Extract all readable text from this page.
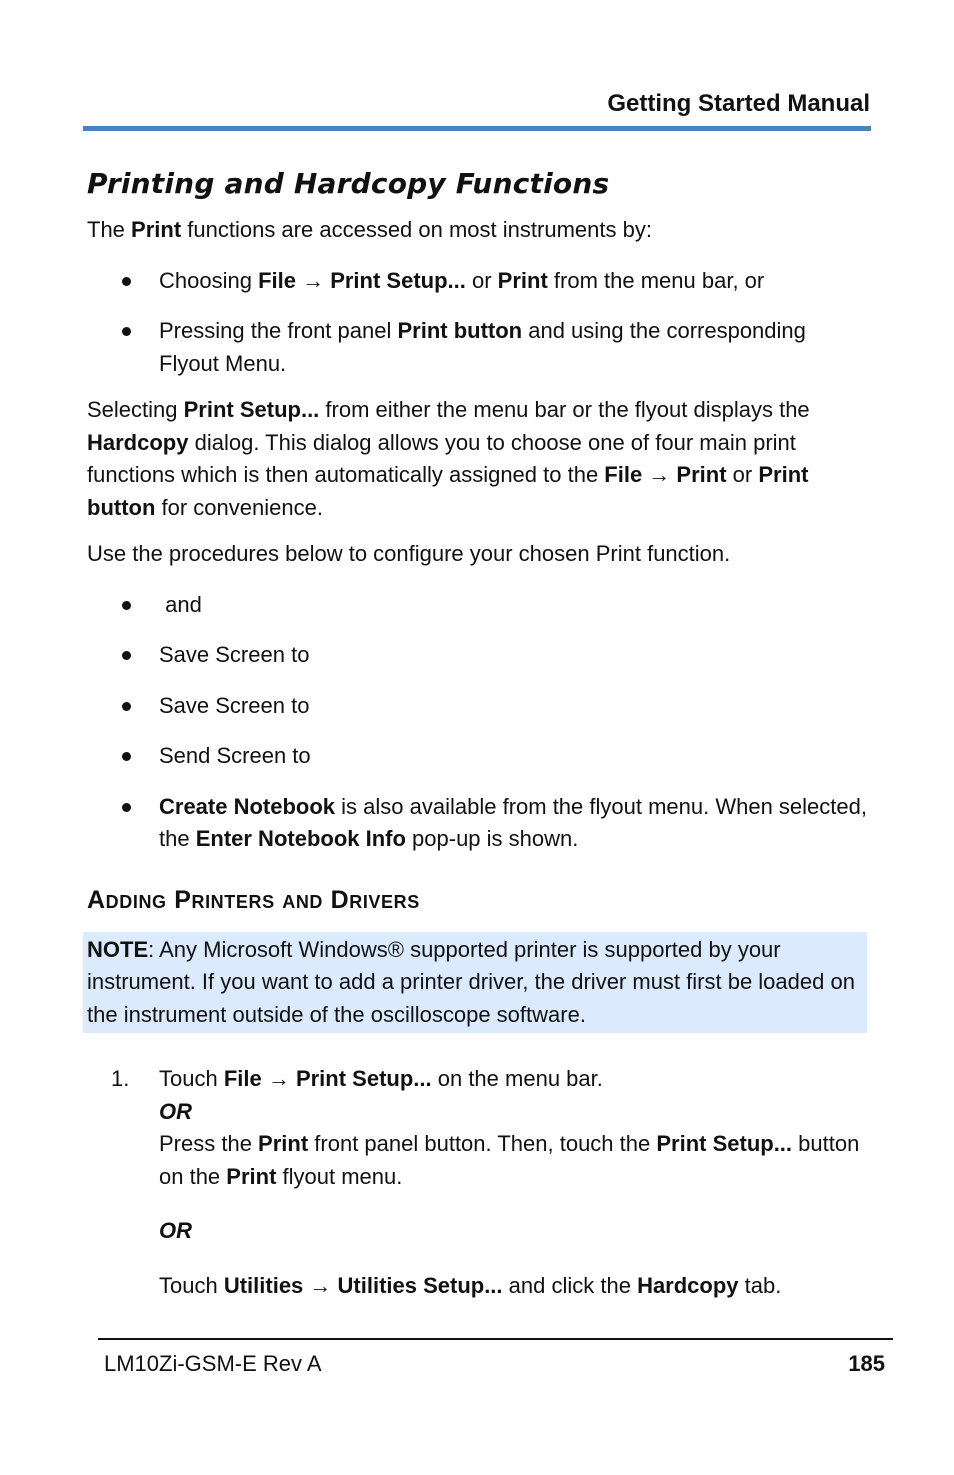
Getting Started Manual
Printing and Hardcopy Functions

The Print functions are accessed on most instruments by:

Choosing File → Print Setup... or Print from the menu bar, or
Pressing the front panel Print button and using the corresponding Flyout Menu.

Selecting Print Setup... from either the menu bar or the flyout displays the Hardcopy dialog. This dialog allows you to choose one of four main print functions which is then automatically assigned to the File → Print or Print button for convenience.

Use the procedures below to configure your chosen Print function.

and
Save Screen to
Save Screen to
Send Screen to
Create Notebook is also available from the flyout menu. When selected, the Enter Notebook Info pop-up is shown.
Adding Printers and Drivers

NOTE: Any Microsoft Windows® supported printer is supported by your instrument. If you want to add a printer driver, the driver must first be loaded on the instrument outside of the oscilloscope software.

1. Touch File → Print Setup... on the menu bar.
OR
Press the Print front panel button. Then, touch the Print Setup... button on the Print flyout menu.
OR
Touch Utilities → Utilities Setup... and click the Hardcopy tab.
LM10Zi-GSM-E Rev A	185
